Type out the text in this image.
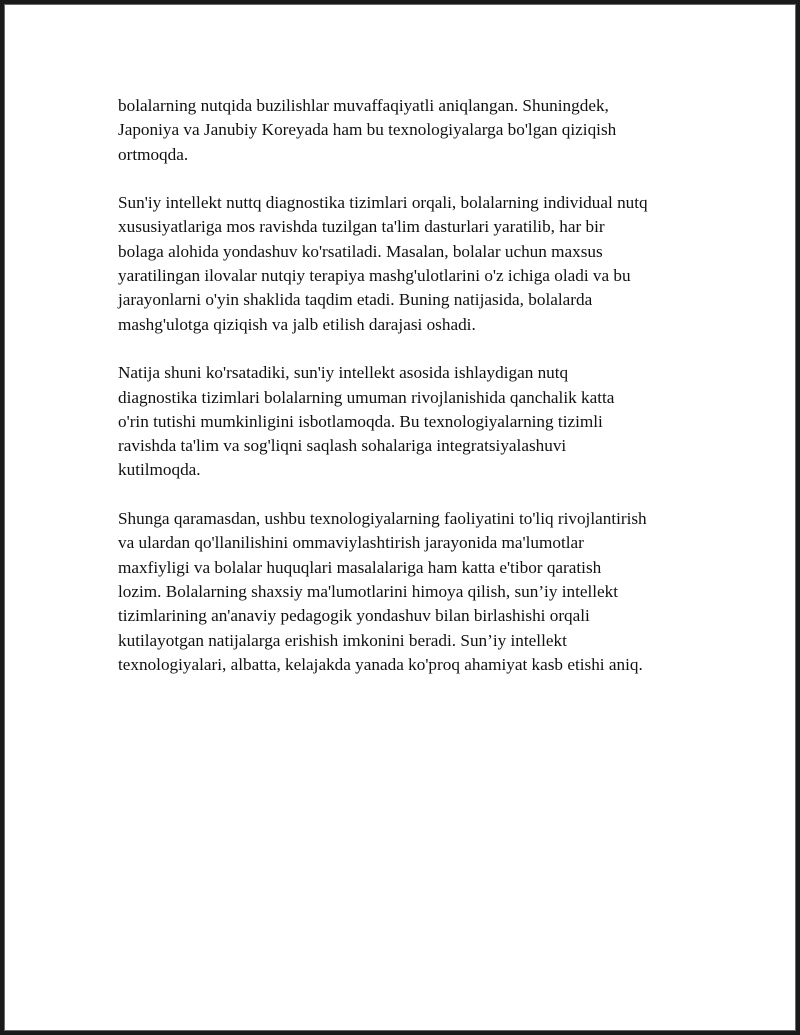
bolalarning nutqida buzilishlar muvaffaqiyatli aniqlangan. Shuningdek,
Japoniya va Janubiy Koreyada ham bu texnologiyalarga bo'lgan qiziqish
ortmoqda.

Sun'iy intellekt nuttq diagnostika tizimlari orqali, bolalarning individual nutq
xususiyatlariga mos ravishda tuzilgan ta'lim dasturlari yaratilib, har bir
bolaga alohida yondashuv ko'rsatiladi. Masalan, bolalar uchun maxsus
yaratilingan ilovalar nutqiy terapiya mashg'ulotlarini o'z ichiga oladi va bu
jarayonlarni o'yin shaklida taqdim etadi. Buning natijasida, bolalarda
mashg'ulotga qiziqish va jalb etilish darajasi oshadi.

Natija shuni ko'rsatadiki, sun'iy intellekt asosida ishlaydigan nutq
diagnostika tizimlari bolalarning umuman rivojlanishida qanchalik katta
o'rin tutishi mumkinligini isbotlamoqda. Bu texnologiyalarning tizimli
ravishda ta'lim va sog'liqni saqlash sohalariga integratsiyalashuvi
kutilmoqda.

Shunga qaramasdan, ushbu texnologiyalarning faoliyatini to'liq rivojlantirish
va ulardan qo'llanilishini ommaviylashtirish jarayonida ma'lumotlar
maxfiyligi va bolalar huquqlari masalalariga ham katta e'tibor qaratish
lozim. Bolalarning shaxsiy ma'lumotlarini himoya qilish, sun’iy intellekt
tizimlarining an'anaviy pedagogik yondashuv bilan birlashishi orqali
kutilayotgan natijalarga erishish imkonini beradi. Sun’iy intellekt
texnologiyalari, albatta, kelajakda yanada ko'proq ahamiyat kasb etishi aniq.
